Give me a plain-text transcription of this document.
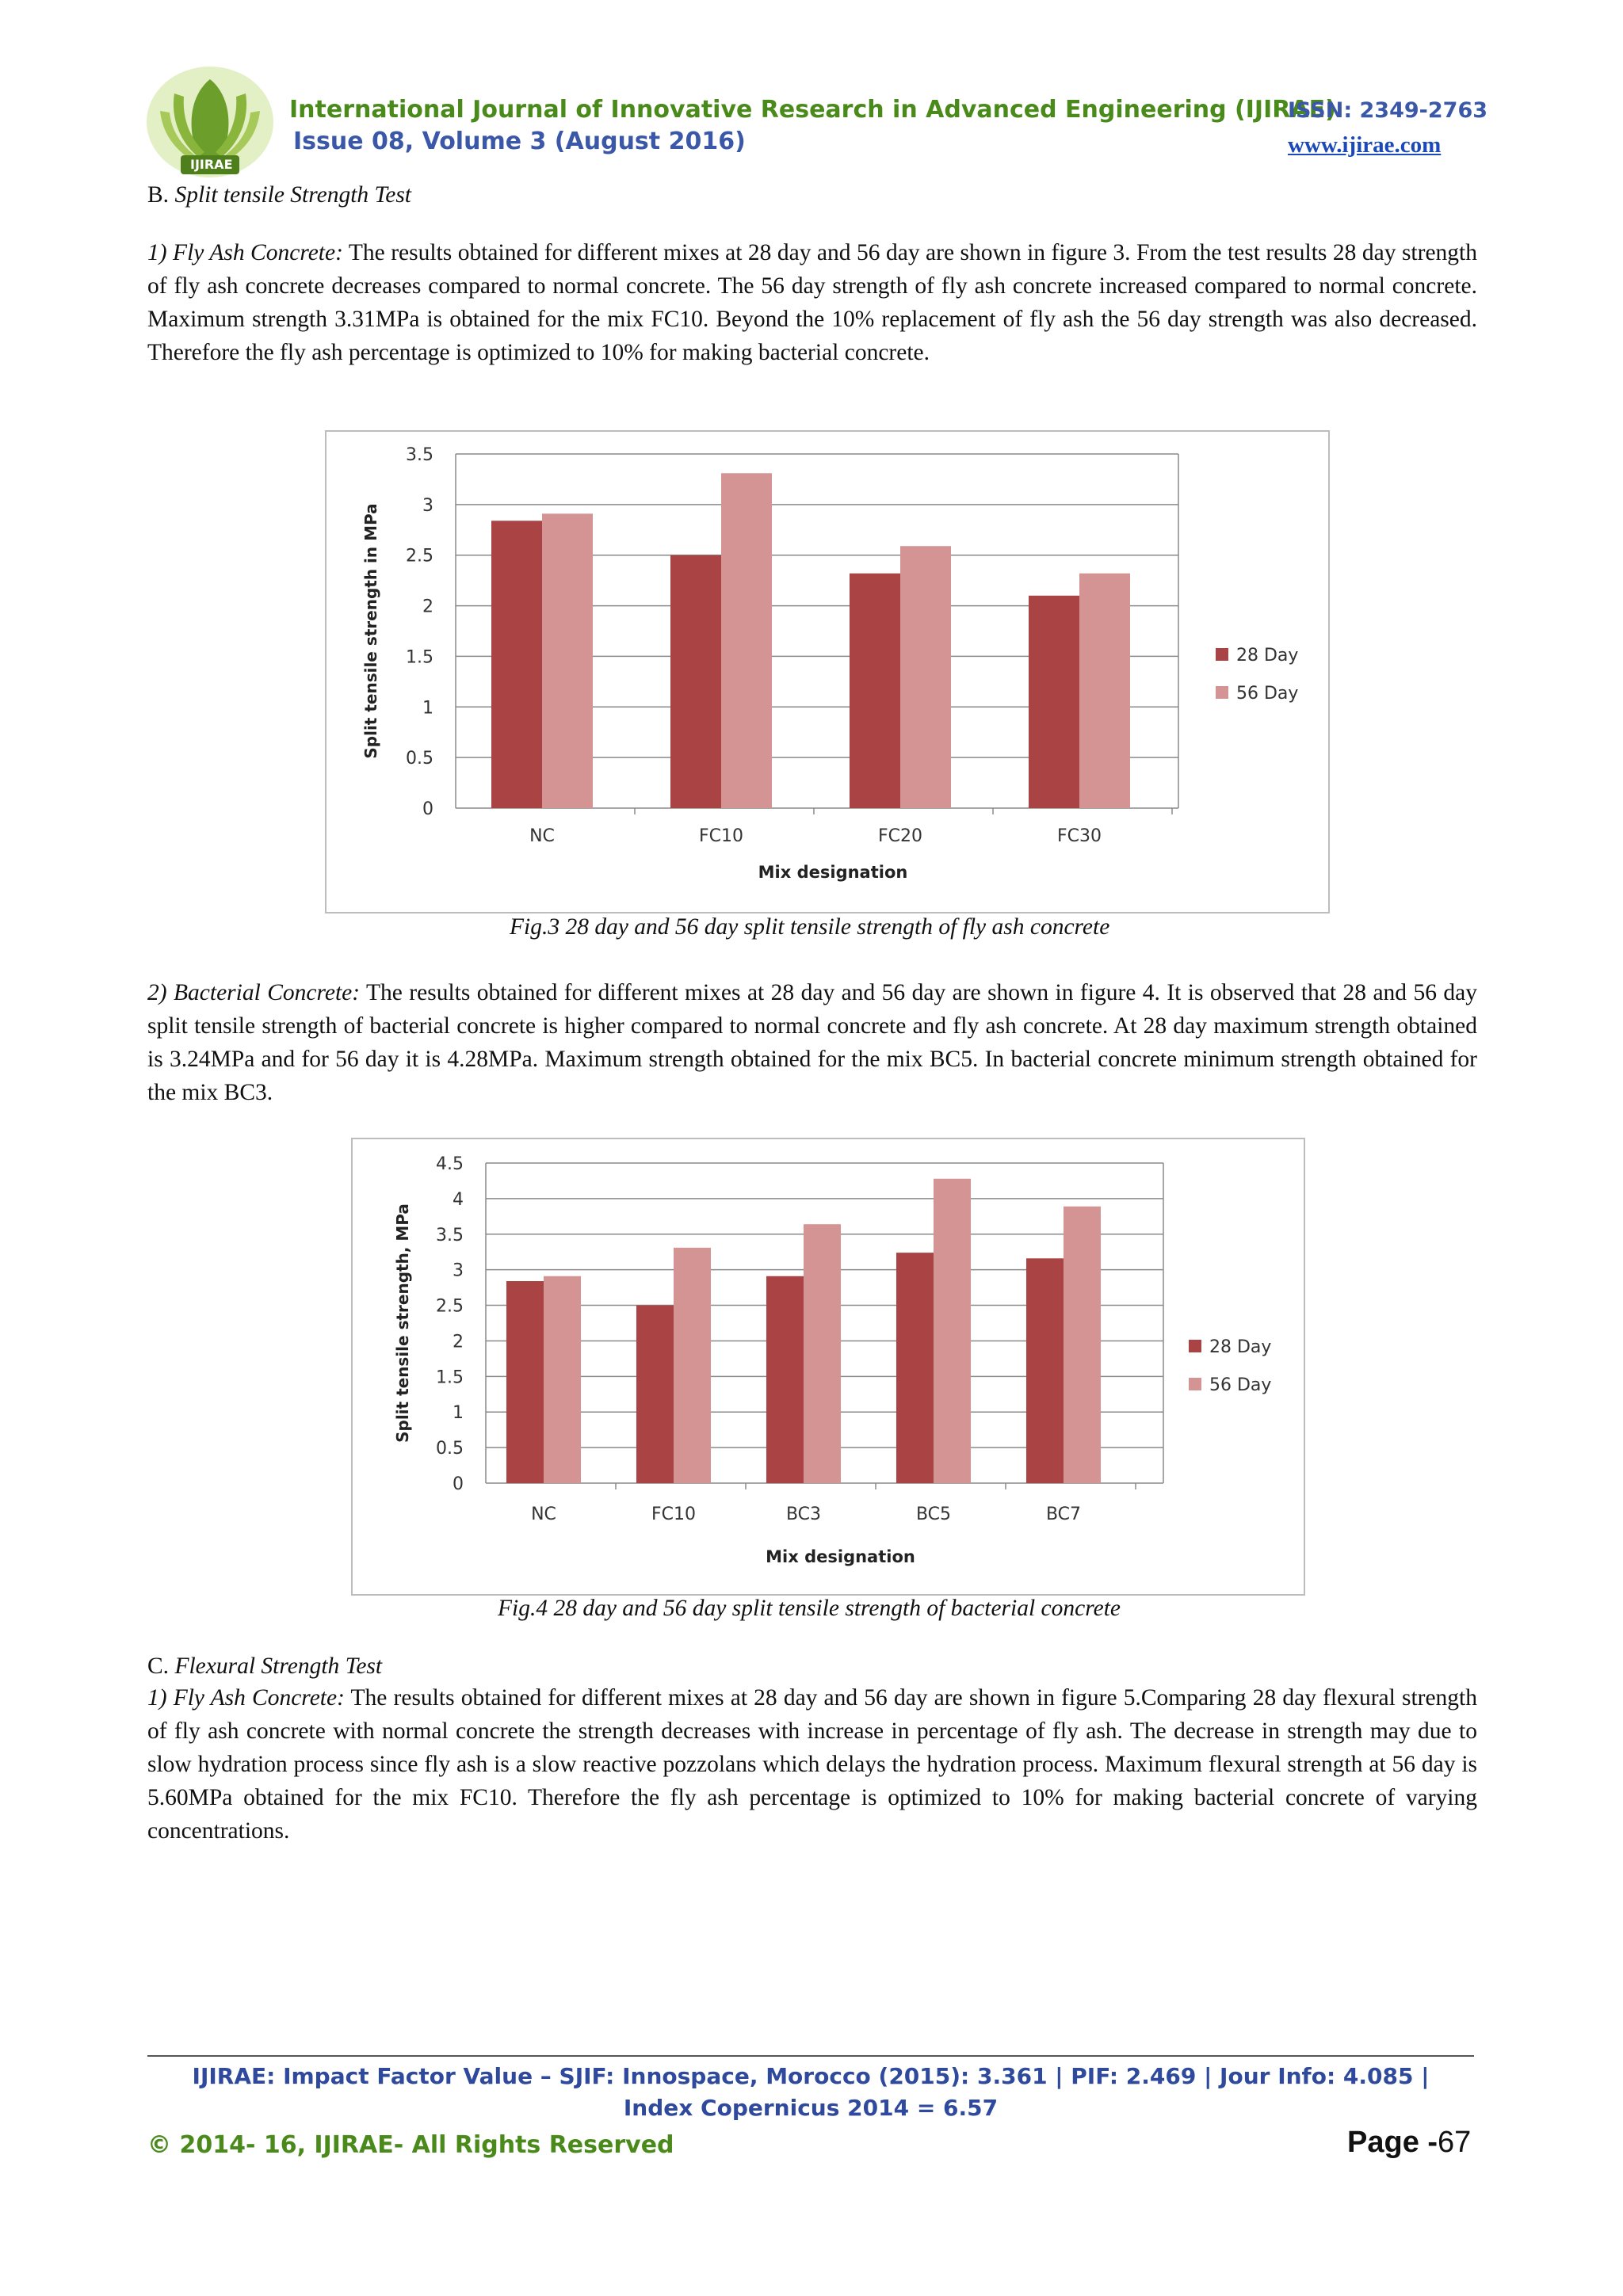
IJIRAE
International Journal of Innovative Research in Advanced Engineering (IJIRAE)
Issue 08, Volume 3 (August 2016)
ISSN: 2349-2763
www.ijirae.com
B. Split tensile Strength Test
1) Fly Ash Concrete: The results obtained for different mixes at 28 day and 56 day are shown in figure 3. From the test results 28 day strength of fly ash concrete decreases compared to normal concrete. The 56 day strength of fly ash concrete increased compared to normal concrete. Maximum strength 3.31MPa is obtained for the mix FC10. Beyond the 10% replacement of fly ash the 56 day strength was also decreased. Therefore the fly ash percentage is optimized to 10% for making bacterial concrete.
0
0.5
1
1.5
2
2.5
3
3.5
NC	FC10	FC20	FC30
Mix designation
Split tensile strength in MPa	28 Day
56 Day
Fig.3 28 day and 56 day split tensile strength of fly ash concrete
2) Bacterial Concrete: The results obtained for different mixes at 28 day and 56 day are shown in figure 4. It is observed that 28 and 56 day split tensile strength of bacterial concrete is higher compared to normal concrete and fly ash concrete. At 28 day maximum strength obtained is 3.24MPa and for 56 day it is 4.28MPa. Maximum strength obtained for the mix BC5. In bacterial concrete minimum strength obtained for the mix BC3.
0
0.5
1
1.5
2
2.5
3
3.5
4
4.5
NC	FC10	BC3	BC5	BC7
Mix designation
Split tensile strength, MPa	28 Day
56 Day
Fig.4 28 day and 56 day split tensile strength of bacterial concrete
C. Flexural Strength Test
1) Fly Ash Concrete: The results obtained for different mixes at 28 day and 56 day are shown in figure 5.Comparing 28 day flexural strength of fly ash concrete with normal concrete the strength decreases with increase in percentage of fly ash. The decrease in strength may due to slow hydration process since fly ash is a slow reactive pozzolans which delays the hydration process. Maximum flexural strength at 56 day is 5.60MPa obtained for the mix FC10. Therefore the fly ash percentage is optimized to 10% for making bacterial concrete of varying concentrations.
IJIRAE: Impact Factor Value – SJIF: Innospace, Morocco (2015): 3.361 | PIF: 2.469 | Jour Info: 4.085 |
Index Copernicus 2014 = 6.57
© 2014- 16, IJIRAE- All Rights Reserved	Page -67
